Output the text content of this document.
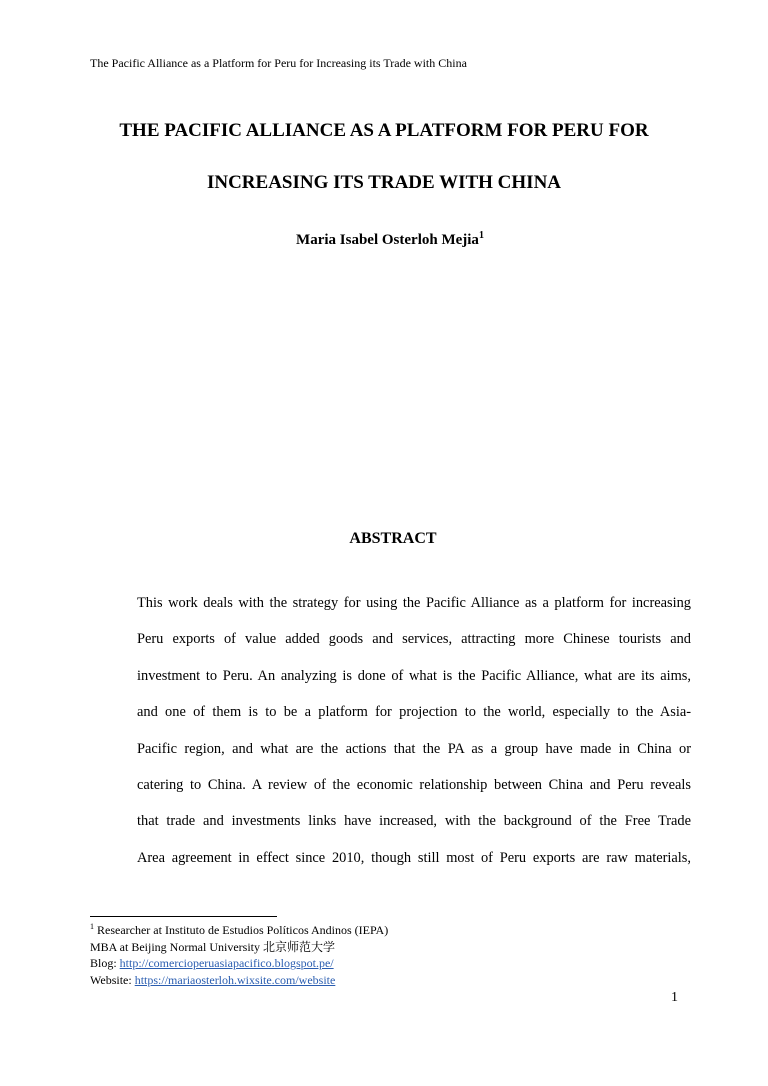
The Pacific Alliance as a Platform for Peru for Increasing its Trade with China
THE PACIFIC ALLIANCE AS A PLATFORM FOR PERU FOR
INCREASING ITS TRADE WITH CHINA
Maria Isabel Osterloh Mejia$^1$
ABSTRACT
This work deals with the strategy for using the Pacific Alliance as a platform for increasing
Peru exports of value added goods and services, attracting more Chinese tourists and
investment to Peru. An analyzing is done of what is the Pacific Alliance, what are its aims,
and one of them is to be a platform for projection to the world, especially to the Asia-
Pacific region, and what are the actions that the PA as a group have made in China or
catering to China. A review of the economic relationship between China and Peru reveals
that trade and investments links have increased, with the background of the Free Trade
Area agreement in effect since 2010, though still most of Peru exports are raw materials,
$^1$ Researcher at Instituto de Estudios Políticos Andinos (IEPA)
MBA at Beijing Normal University 北京师范大学
Blog: http://comercioperuasiapacifico.blogspot.pe/
Website: https://mariaosterloh.wixsite.com/website
1
